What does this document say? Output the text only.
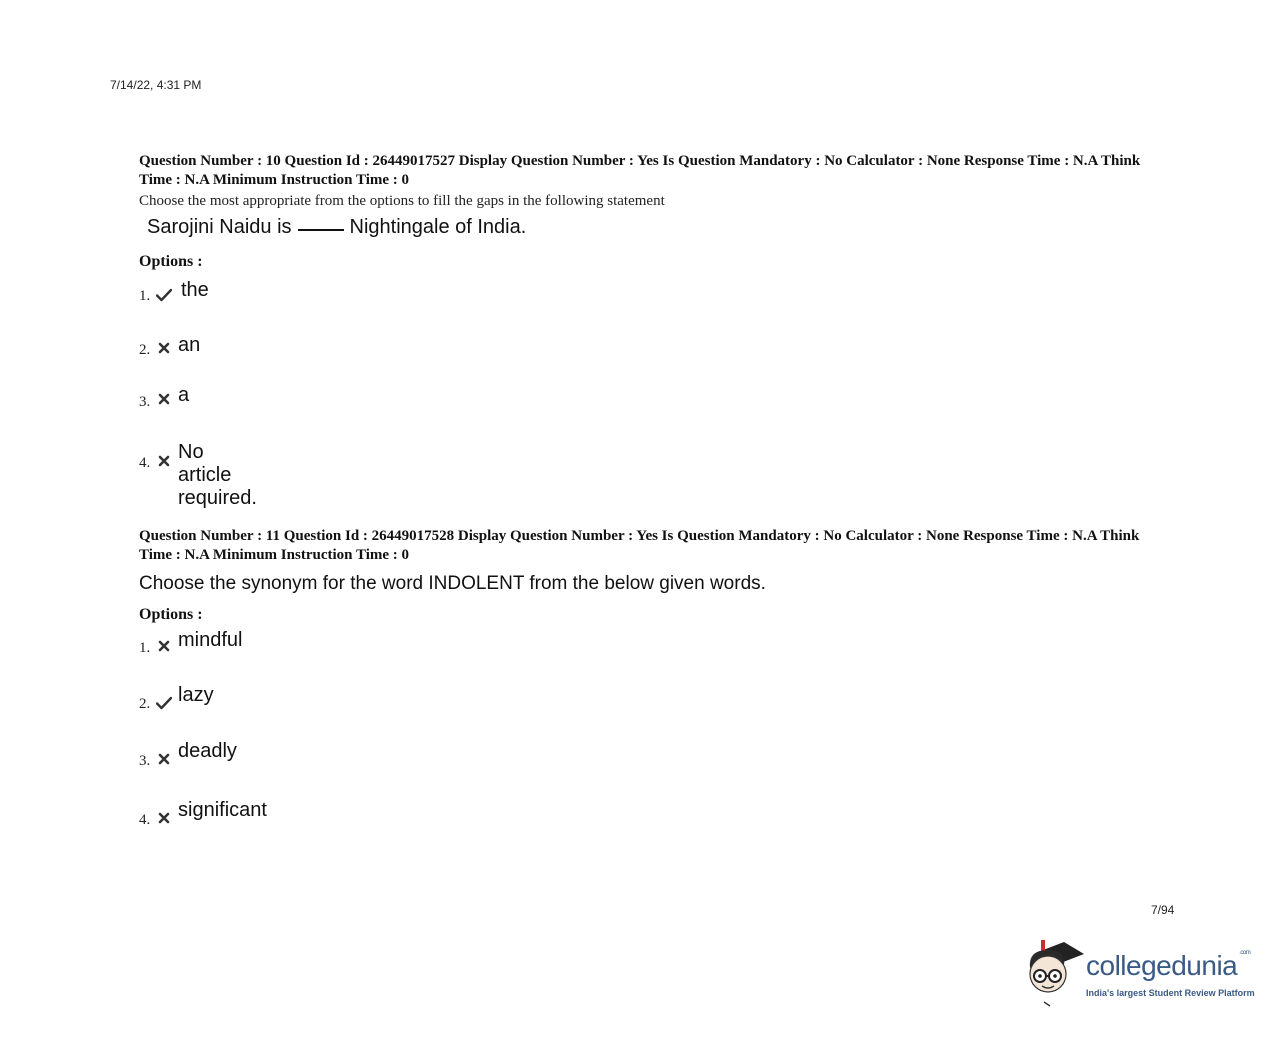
7/14/22, 4:31 PM
Question Number : 10 Question Id : 26449017527 Display Question Number : Yes Is Question Mandatory : No Calculator : None Response Time : N.A Think Time : N.A Minimum Instruction Time : 0
Choose the most appropriate from the options to fill the gaps in the following statement
Sarojini Naidu is	Nightingale of India.
Options :
1. the
2. an
3. a
4. No article required.
Question Number : 11 Question Id : 26449017528 Display Question Number : Yes Is Question Mandatory : No Calculator : None Response Time : N.A Think Time : N.A Minimum Instruction Time : 0
Choose the synonym for the word INDOLENT from the below given words.
Options :
1. mindful
2. lazy
3. deadly
4. significant
7/94
collegedunia $^{.com}$
India's largest Student Review Platform
